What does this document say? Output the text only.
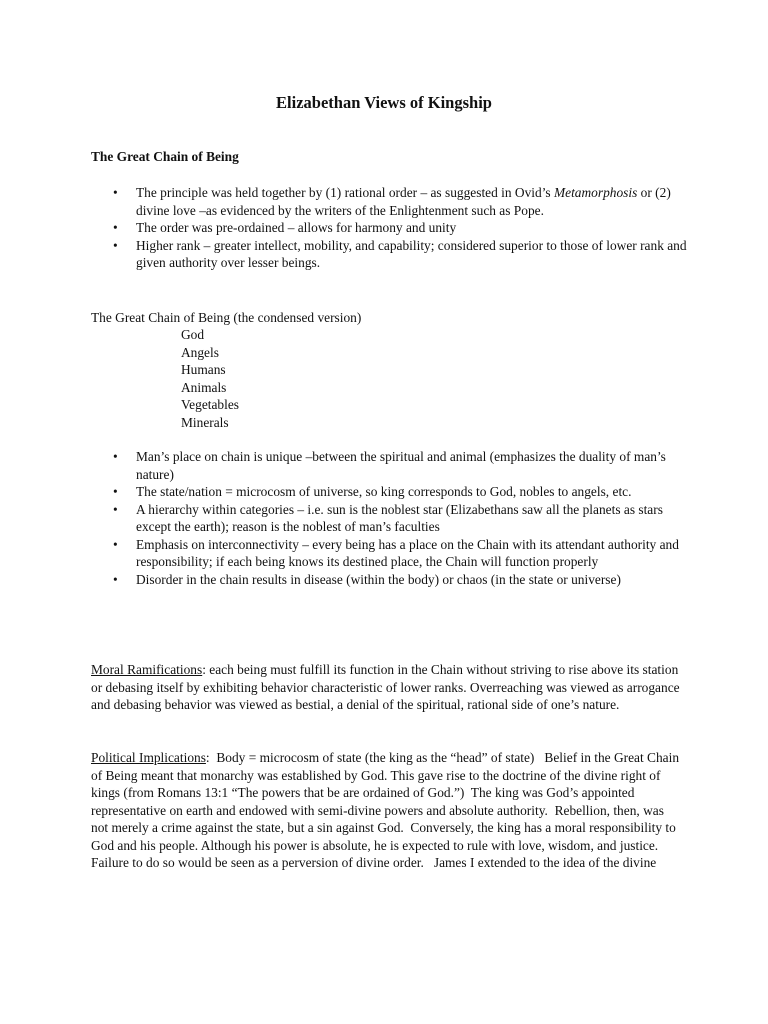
Elizabethan Views of Kingship
The Great Chain of Being
• The principle was held together by (1) rational order – as suggested in Ovid’s Metamorphosis or (2) divine love –as evidenced by the writers of the Enlightenment such as Pope.
• The order was pre-ordained – allows for harmony and unity
• Higher rank – greater intellect, mobility, and capability; considered superior to those of lower rank and given authority over lesser beings.
The Great Chain of Being (the condensed version)
God
Angels
Humans
Animals
Vegetables
Minerals
• Man’s place on chain is unique –between the spiritual and animal (emphasizes the duality of man’s nature)
• The state/nation = microcosm of universe, so king corresponds to God, nobles to angels, etc.
• A hierarchy within categories – i.e. sun is the noblest star (Elizabethans saw all the planets as stars except the earth); reason is the noblest of man’s faculties
• Emphasis on interconnectivity – every being has a place on the Chain with its attendant authority and responsibility; if each being knows its destined place, the Chain will function properly
• Disorder in the chain results in disease (within the body) or chaos (in the state or universe)

Moral Ramifications: each being must fulfill its function in the Chain without striving to rise above its station or debasing itself by exhibiting behavior characteristic of lower ranks. Overreaching was viewed as arrogance and debasing behavior was viewed as bestial, a denial of the spiritual, rational side of one’s nature.

Political Implications:  Body = microcosm of state (the king as the “head” of state)   Belief in the Great Chain of Being meant that monarchy was established by God. This gave rise to the doctrine of the divine right of kings (from Romans 13:1 “The powers that be are ordained of God.”)  The king was God’s appointed representative on earth and endowed with semi-divine powers and absolute authority.  Rebellion, then, was not merely a crime against the state, but a sin against God.  Conversely, the king has a moral responsibility to God and his people. Although his power is absolute, he is expected to rule with love, wisdom, and justice.  Failure to do so would be seen as a perversion of divine order.   James I extended to the idea of the divine
